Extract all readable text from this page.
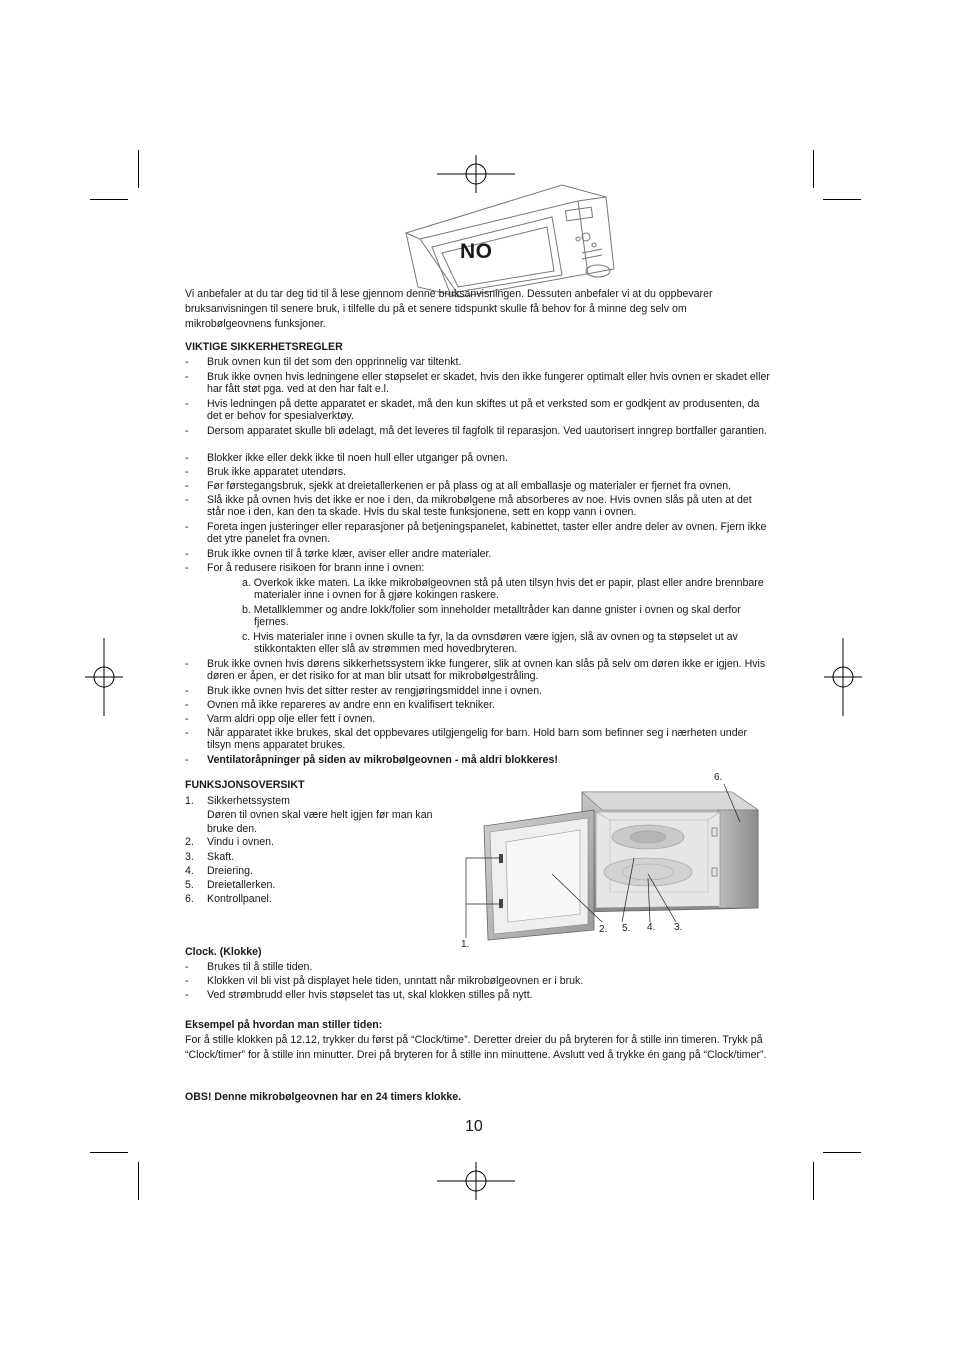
NO
Vi anbefaler at du tar deg tid til å lese gjennom denne bruksanvisningen. Dessuten anbefaler vi at du oppbevarer bruksanvisningen til senere bruk, i tilfelle du på et senere tidspunkt skulle få behov for å minne deg selv om mikrobølgeovnens funksjoner.
VIKTIGE SIKKERHETSREGLER
- Bruk ovnen kun til det som den opprinnelig var tiltenkt.
- Bruk ikke ovnen hvis ledningene eller støpselet er skadet, hvis den ikke fungerer optimalt eller hvis ovnen er skadet eller har fått støt pga. ved at den har falt e.l.
- Hvis ledningen på dette apparatet er skadet, må den kun skiftes ut på et verksted som er godkjent av produsenten, da det er behov for spesialverktøy.
- Dersom apparatet skulle bli ødelagt, må det leveres til fagfolk til reparasjon. Ved uautorisert inngrep bortfaller garantien.
- Blokker ikke eller dekk ikke til noen hull eller utganger på ovnen.
- Bruk ikke apparatet utendørs.
- Før førstegangsbruk, sjekk at dreietallerkenen er på plass og at all emballasje og materialer er fjernet fra ovnen.
- Slå ikke på ovnen hvis det ikke er noe i den, da mikrobølgene må absorberes av noe. Hvis ovnen slås på uten at det står noe i den, kan den ta skade. Hvis du skal teste funksjonene, sett en kopp vann i ovnen.
- Foreta ingen justeringer eller reparasjoner på betjeningspanelet, kabinettet, taster eller andre deler av ovnen. Fjern ikke det ytre panelet fra ovnen.
- Bruk ikke ovnen til å tørke klær, aviser eller andre materialer.
- For å redusere risikoen for brann inne i ovnen:
a. Overkok ikke maten. La ikke mikrobølgeovnen stå på uten tilsyn hvis det er papir, plast eller andre brennbare materialer inne i ovnen for å gjøre kokingen raskere.
b. Metallklemmer og andre lokk/folier som inneholder metalltråder kan danne gnister i ovnen og skal derfor fjernes.
c. Hvis materialer inne i ovnen skulle ta fyr, la da ovnsdøren være igjen, slå av ovnen og ta støpselet ut av stikkontakten eller slå av strømmen med hovedbryteren.
- Bruk ikke ovnen hvis dørens sikkerhetssystem ikke fungerer, slik at ovnen kan slås på selv om døren ikke er igjen. Hvis døren er åpen, er det risiko for at man blir utsatt for mikrobølgestråling.
- Bruk ikke ovnen hvis det sitter rester av rengjøringsmiddel inne i ovnen.
- Ovnen må ikke repareres av andre enn en kvalifisert tekniker.
- Varm aldri opp olje eller fett i ovnen.
- Når apparatet ikke brukes, skal det oppbevares utilgjengelig for barn. Hold barn som befinner seg i nærheten under tilsyn mens apparatet brukes.
- Ventilatoråpninger på siden av mikrobølgeovnen - må aldri blokkeres!
FUNKSJONSOVERSIKT
1. Sikkerhetssystem
Døren til ovnen skal være helt igjen før man kan bruke den.
2. Vindu i ovnen.
3. Skaft.
4. Dreiering.
5. Dreietallerken.
6. Kontrollpanel.
1.
2. 5. 4. 3.
6.
Clock. (Klokke)
- Brukes til å stille tiden.
- Klokken vil bli vist på displayet hele tiden, unntatt når mikrobølgeovnen er i bruk.
- Ved strømbrudd eller hvis støpselet tas ut, skal klokken stilles på nytt.
Eksempel på hvordan man stiller tiden:
For å stille klokken på 12.12, trykker du først på “Clock/time”. Deretter dreier du på bryteren for å stille inn timeren. Trykk på “Clock/timer” for å stille inn minutter. Drei på bryteren for å stille inn minuttene. Avslutt ved å trykke én gang på “Clock/timer”.
OBS! Denne mikrobølgeovnen har en 24 timers klokke.
10
